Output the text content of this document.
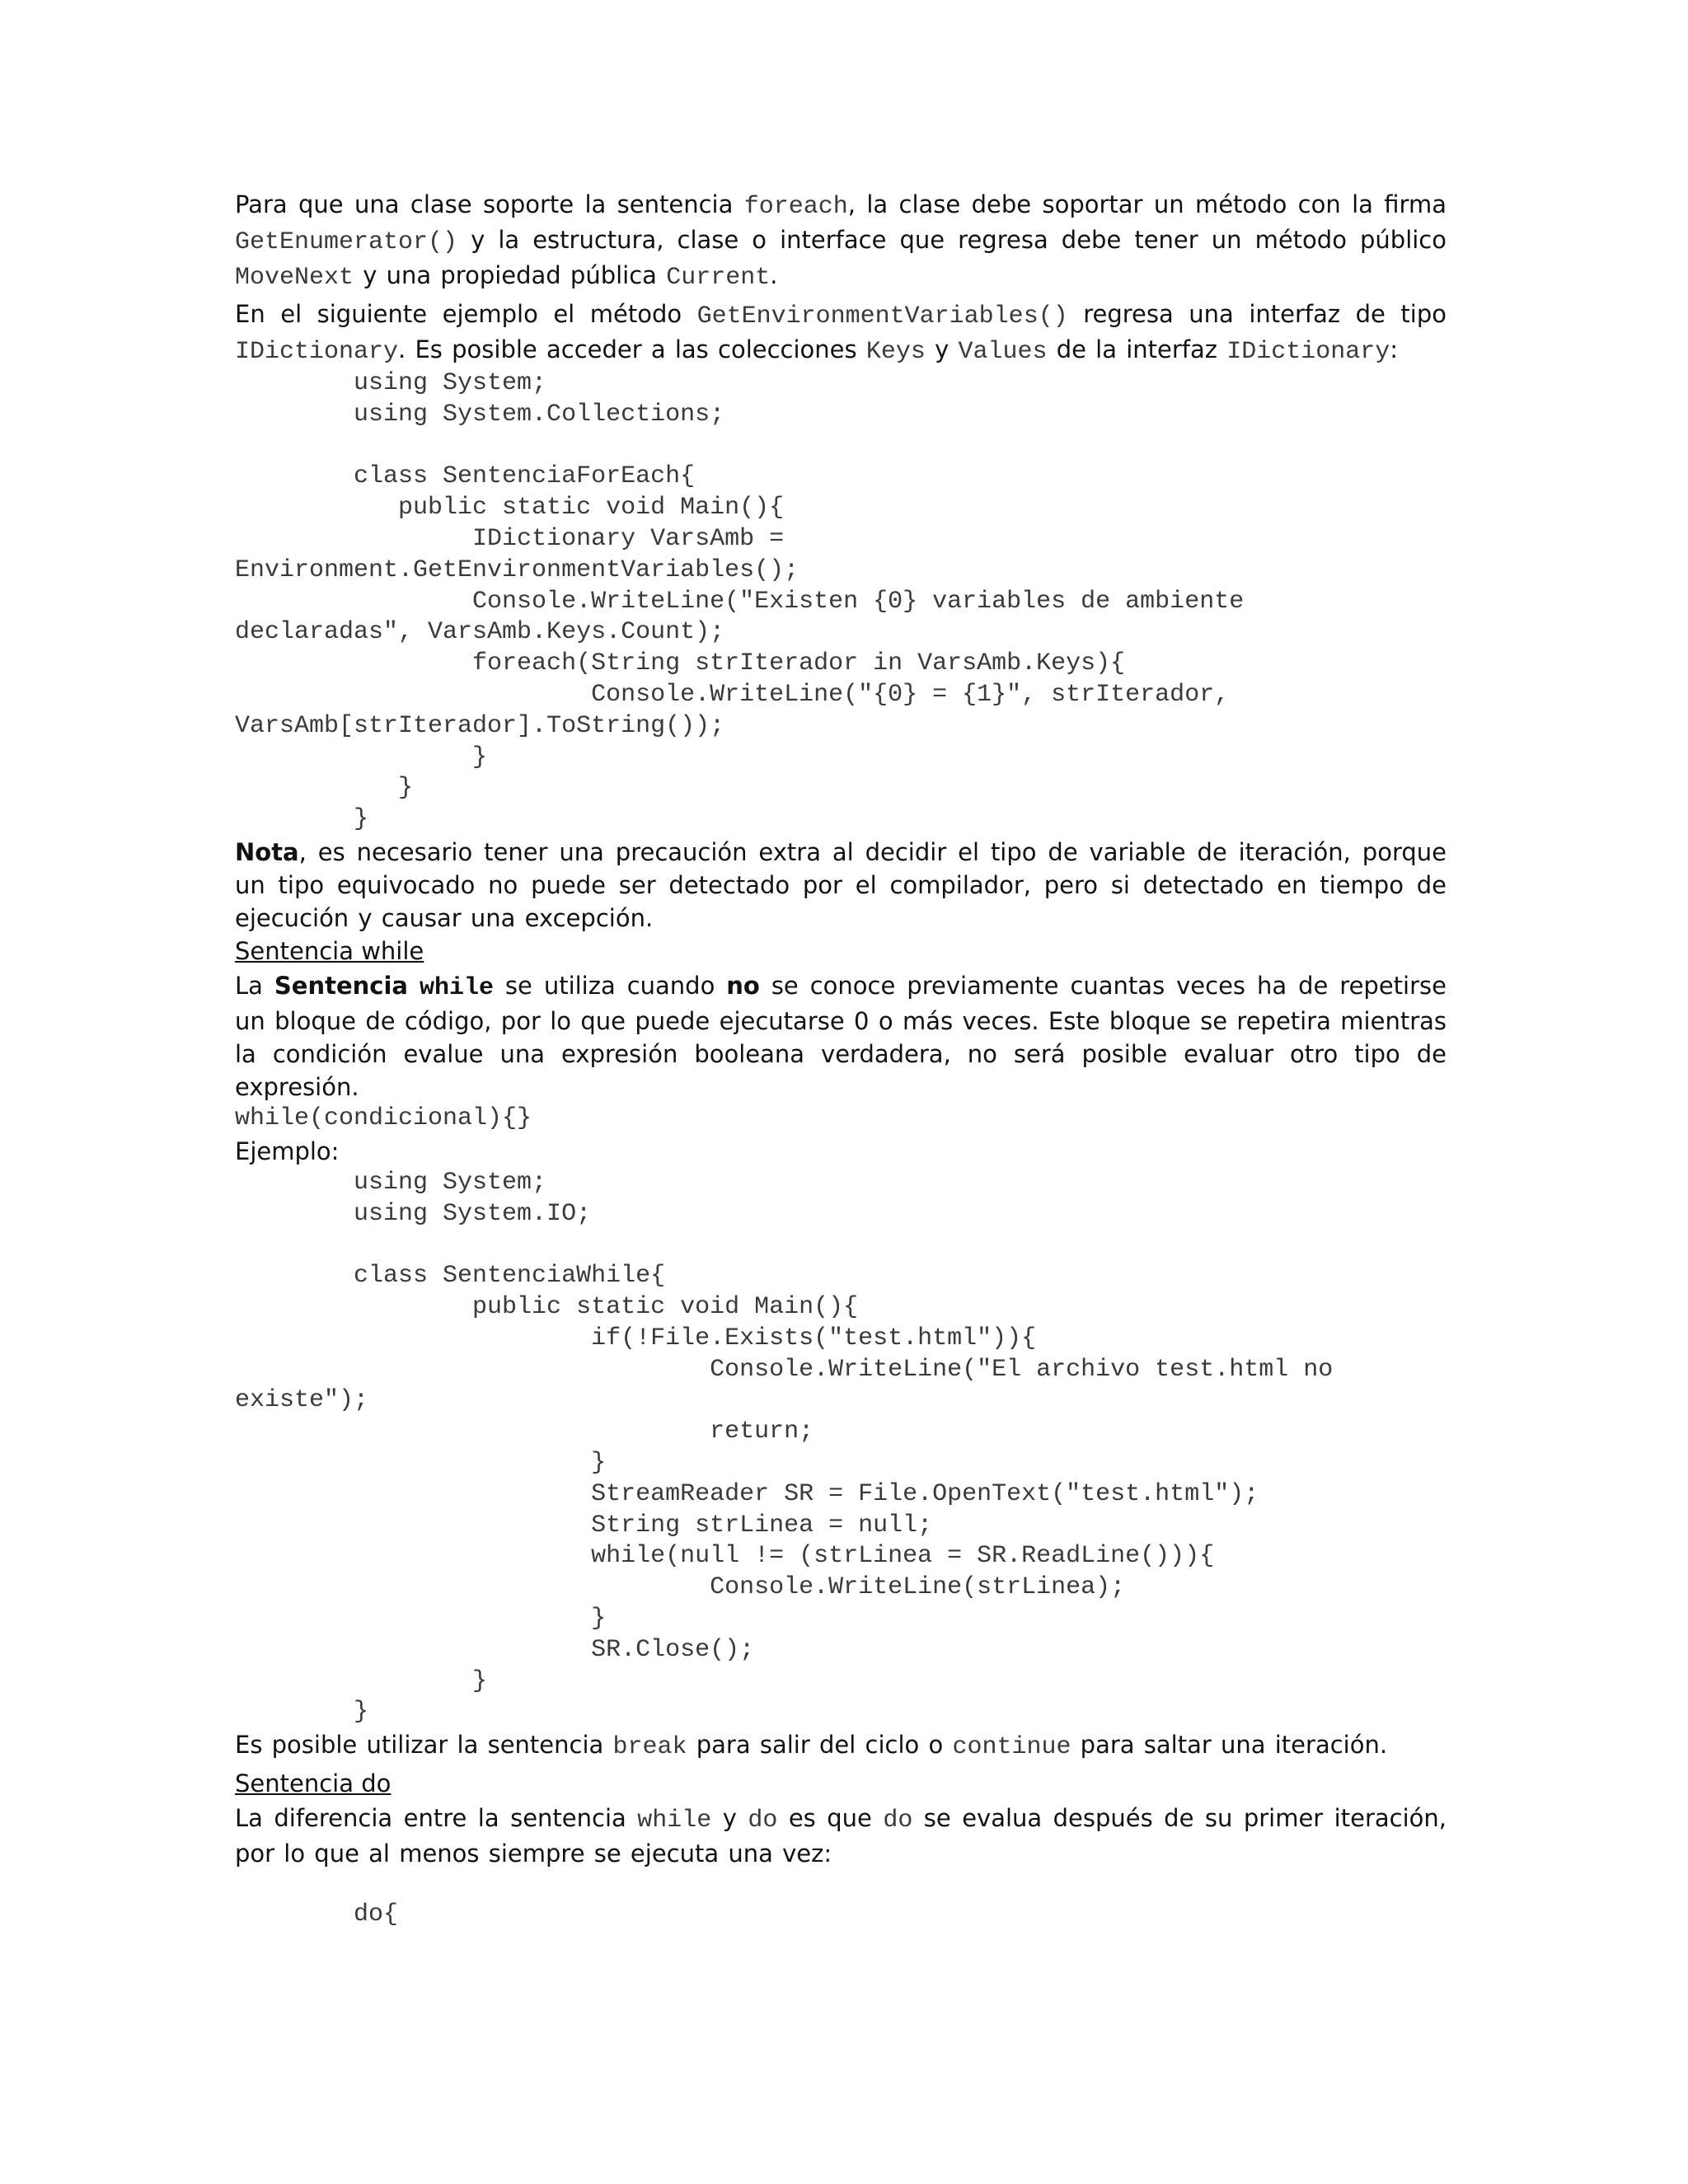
Para que una clase soporte la sentencia foreach, la clase debe soportar un método con la firma GetEnumerator() y la estructura, clase o interface que regresa debe tener un método público MoveNext y una propiedad pública Current.

En el siguiente ejemplo el método GetEnvironmentVariables() regresa una interfaz de tipo IDictionary. Es posible acceder a las colecciones Keys y Values de la interfaz IDictionary:

using System;
using System.Collections;

class SentenciaForEach{
public static void Main(){
IDictionary VarsAmb =
Environment.GetEnvironmentVariables();
Console.WriteLine("Existen {0} variables de ambiente
declaradas", VarsAmb.Keys.Count);
foreach(String strIterador in VarsAmb.Keys){
Console.WriteLine("{0} = {1}", strIterador,
VarsAmb[strIterador].ToString());
}
}
}

Nota, es necesario tener una precaución extra al decidir el tipo de variable de iteración, porque un tipo equivocado no puede ser detectado por el compilador, pero si detectado en tiempo de ejecución y causar una excepción.

Sentencia while

La Sentencia while se utiliza cuando no se conoce previamente cuantas veces ha de repetirse un bloque de código, por lo que puede ejecutarse 0 o más veces. Este bloque se repetira mientras la condición evalue una expresión booleana verdadera, no será posible evaluar otro tipo de expresión.

while(condicional){}

Ejemplo:

using System;
using System.IO;

class SentenciaWhile{
public static void Main(){
if(!File.Exists("test.html")){
Console.WriteLine("El archivo test.html no
existe");
return;
}
StreamReader SR = File.OpenText("test.html");
String strLinea = null;
while(null != (strLinea = SR.ReadLine())){
Console.WriteLine(strLinea);
}
SR.Close();
}
}

Es posible utilizar la sentencia break para salir del ciclo o continue para saltar una iteración.

Sentencia do

La diferencia entre la sentencia while y do es que do se evalua después de su primer iteración, por lo que al menos siempre se ejecuta una vez:

do{
